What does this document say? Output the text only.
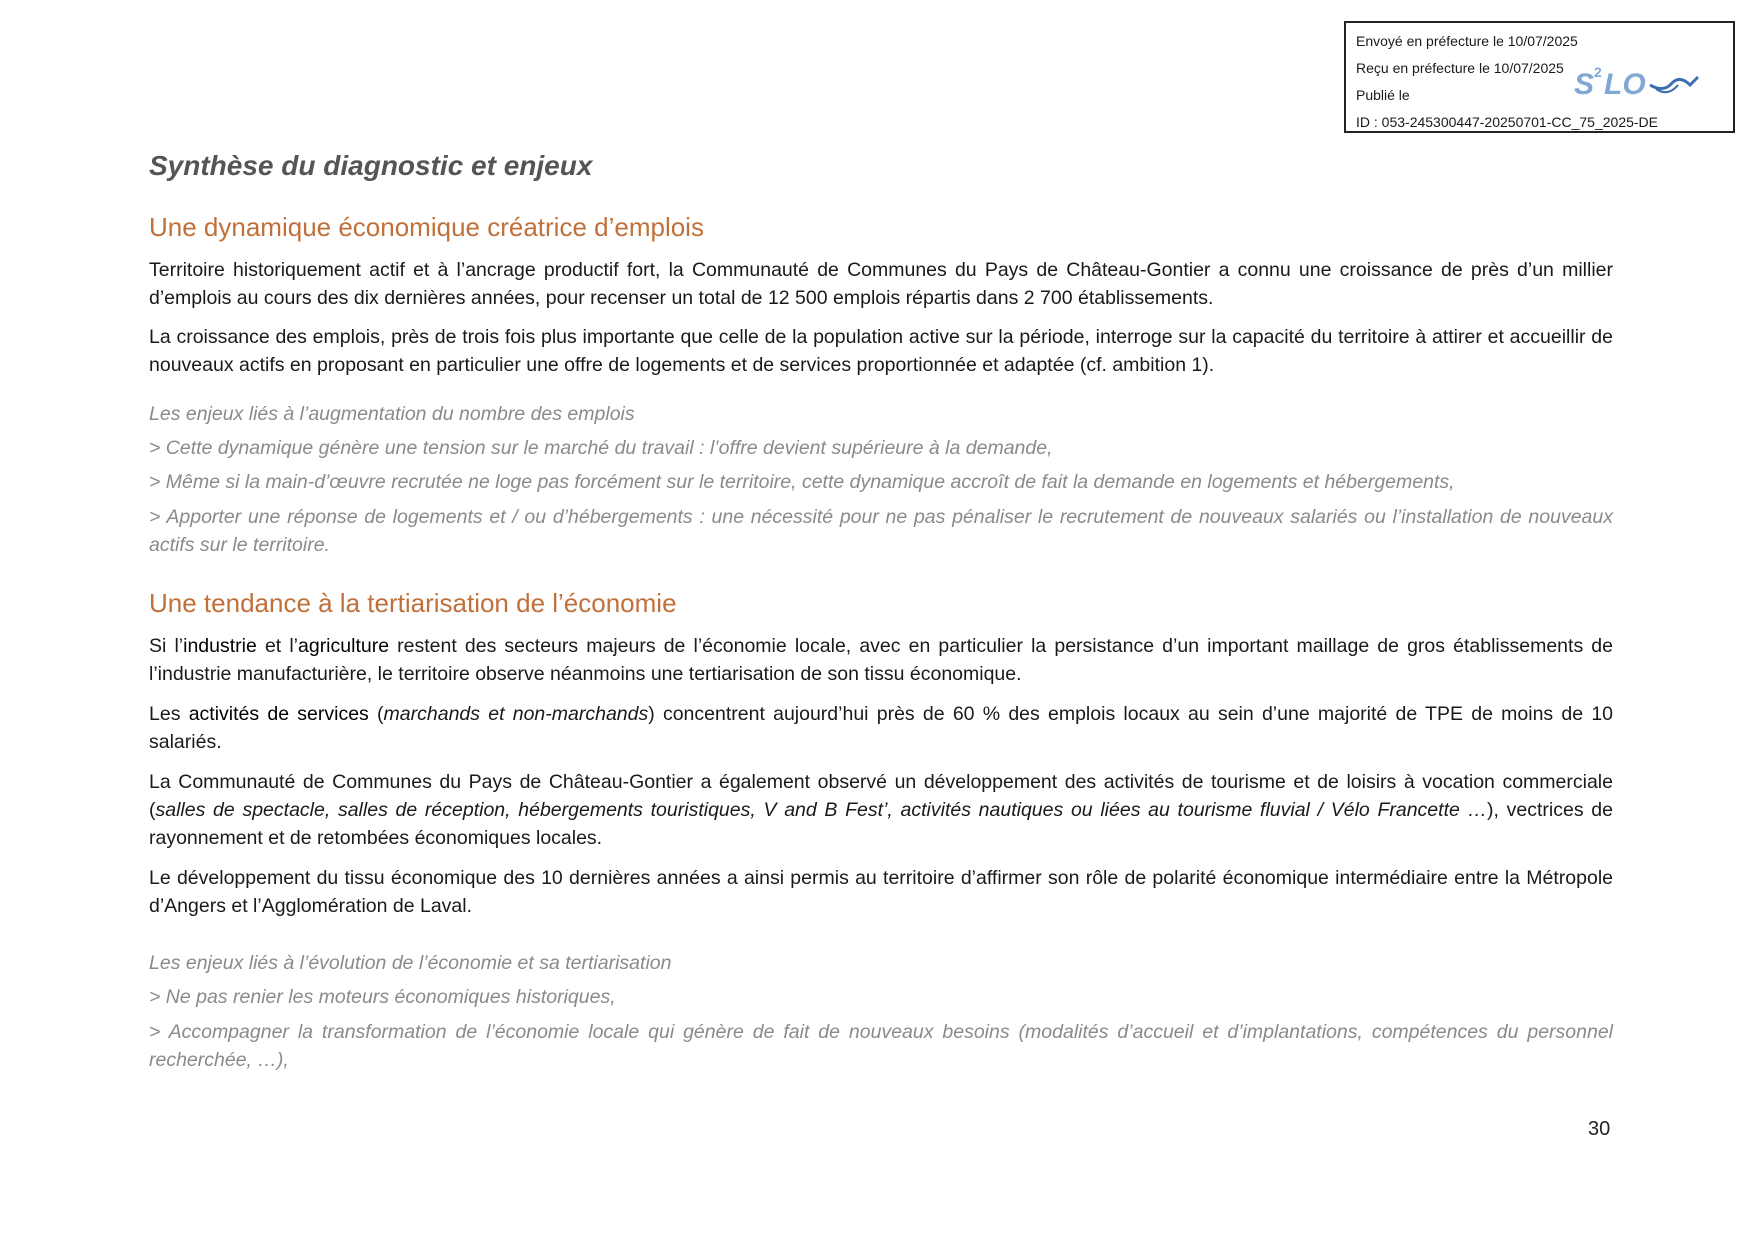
Envoyé en préfecture le 10/07/2025
Reçu en préfecture le 10/07/2025
Publié le
ID : 053-245300447-20250701-CC_75_2025-DE
S 2 LO
Synthèse du diagnostic et enjeux
Une dynamique économique créatrice d’emplois

Territoire historiquement actif et à l’ancrage productif fort, la Communauté de Communes du Pays de Château-Gontier a connu une croissance de près d’un millier d’emplois au cours des dix dernières années, pour recenser un total de 12 500 emplois répartis dans 2 700 établissements.

La croissance des emplois, près de trois fois plus importante que celle de la population active sur la période, interroge sur la capacité du territoire à attirer et accueillir de nouveaux actifs en proposant en particulier une offre de logements et de services proportionnée et adaptée (cf. ambition 1).

Les enjeux liés à l’augmentation du nombre des emplois

> Cette dynamique génère une tension sur le marché du travail : l’offre devient supérieure à la demande,

> Même si la main-d’œuvre recrutée ne loge pas forcément sur le territoire, cette dynamique accroît de fait la demande en logements et hébergements,

> Apporter une réponse de logements et / ou d’hébergements : une nécessité pour ne pas pénaliser le recrutement de nouveaux salariés ou l’installation de nouveaux actifs sur le territoire.

Une tendance à la tertiarisation de l’économie

Si l’industrie et l’agriculture restent des secteurs majeurs de l’économie locale, avec en particulier la persistance d’un important maillage de gros établissements de l’industrie manufacturière, le territoire observe néanmoins une tertiarisation de son tissu économique.

Les activités de services (marchands et non-marchands) concentrent aujourd’hui près de 60 % des emplois locaux au sein d’une majorité de TPE de moins de 10 salariés.

La Communauté de Communes du Pays de Château-Gontier a également observé un développement des activités de tourisme et de loisirs à vocation commerciale (salles de spectacle, salles de réception, hébergements touristiques, V and B Fest’, activités nautiques ou liées au tourisme fluvial / Vélo Francette …), vectrices de rayonnement et de retombées économiques locales.

Le développement du tissu économique des 10 dernières années a ainsi permis au territoire d’affirmer son rôle de polarité économique intermédiaire entre la Métropole d’Angers et l’Agglomération de Laval.

Les enjeux liés à l’évolution de l’économie et sa tertiarisation

> Ne pas renier les moteurs économiques historiques,

> Accompagner la transformation de l’économie locale qui génère de fait de nouveaux besoins (modalités d’accueil et d’implantations, compétences du personnel recherchée, …),

30
